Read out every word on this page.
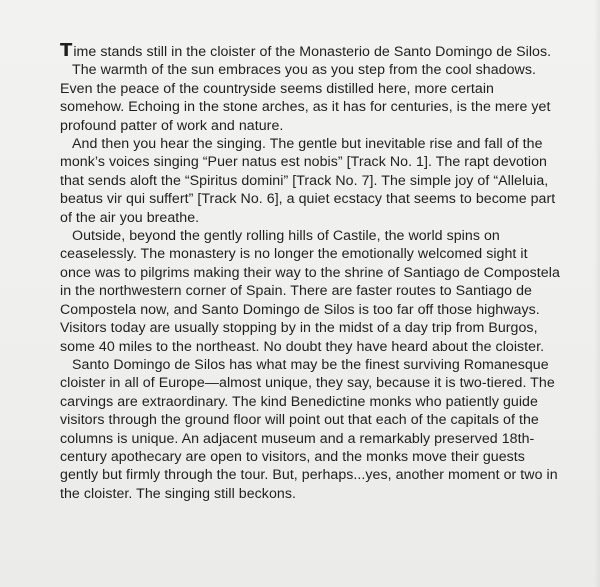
Time stands still in the cloister of the Monasterio de Santo Domingo de Silos.

The warmth of the sun embraces you as you step from the cool shadows. Even the peace of the countryside seems distilled here, more certain somehow. Echoing in the stone arches, as it has for centuries, is the mere yet profound patter of work and nature.

And then you hear the singing. The gentle but inevitable rise and fall of the monk’s voices singing “Puer natus est nobis” [Track No. 1]. The rapt devotion that sends aloft the “Spiritus domini” [Track No. 7]. The simple joy of “Alleluia, beatus vir qui suffert” [Track No. 6], a quiet ecstacy that seems to become part of the air you breathe.

Outside, beyond the gently rolling hills of Castile, the world spins on ceaselessly. The monastery is no longer the emotionally welcomed sight it once was to pilgrims making their way to the shrine of Santiago de Compostela in the northwestern corner of Spain. There are faster routes to Santiago de Compostela now, and Santo Domingo de Silos is too far off those highways. Visitors today are usually stopping by in the midst of a day trip from Burgos, some 40 miles to the northeast. No doubt they have heard about the cloister.

Santo Domingo de Silos has what may be the finest surviving Romanesque cloister in all of Europe—almost unique, they say, because it is two-tiered. The carvings are extraordinary. The kind Benedictine monks who patiently guide visitors through the ground floor will point out that each of the capitals of the columns is unique. An adjacent museum and a remarkably preserved 18th-century apothecary are open to visitors, and the monks move their guests gently but firmly through the tour. But, perhaps...yes, another moment or two in the cloister. The singing still beckons.
